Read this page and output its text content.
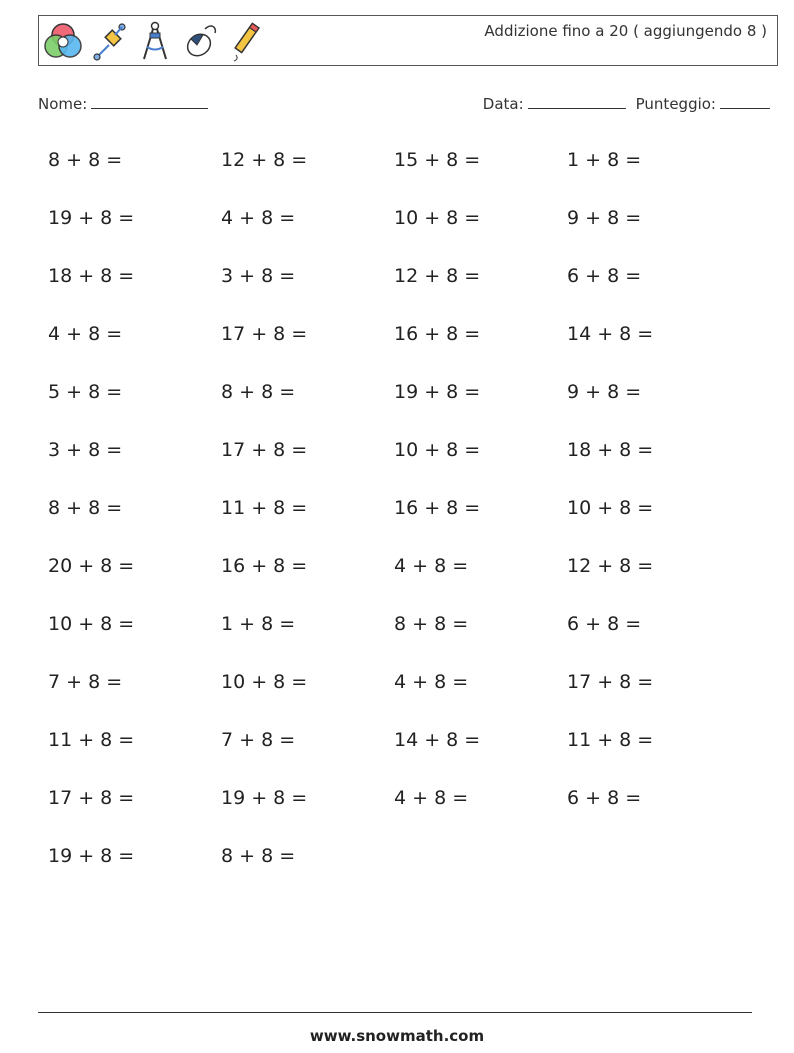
Addizione fino a 20 ( aggiungendo 8 )
Nome:	Data:	Punteggio:
8 + 8 =	12 + 8 =	15 + 8 =	1 + 8 =
19 + 8 =	4 + 8 =	10 + 8 =	9 + 8 =
18 + 8 =	3 + 8 =	12 + 8 =	6 + 8 =
4 + 8 =	17 + 8 =	16 + 8 =	14 + 8 =
5 + 8 =	8 + 8 =	19 + 8 =	9 + 8 =
3 + 8 =	17 + 8 =	10 + 8 =	18 + 8 =
8 + 8 =	11 + 8 =	16 + 8 =	10 + 8 =
20 + 8 =	16 + 8 =	4 + 8 =	12 + 8 =
10 + 8 =	1 + 8 =	8 + 8 =	6 + 8 =
7 + 8 =	10 + 8 =	4 + 8 =	17 + 8 =
11 + 8 =	7 + 8 =	14 + 8 =	11 + 8 =
17 + 8 =	19 + 8 =	4 + 8 =	6 + 8 =
19 + 8 =	8 + 8 =
www.snowmath.com
